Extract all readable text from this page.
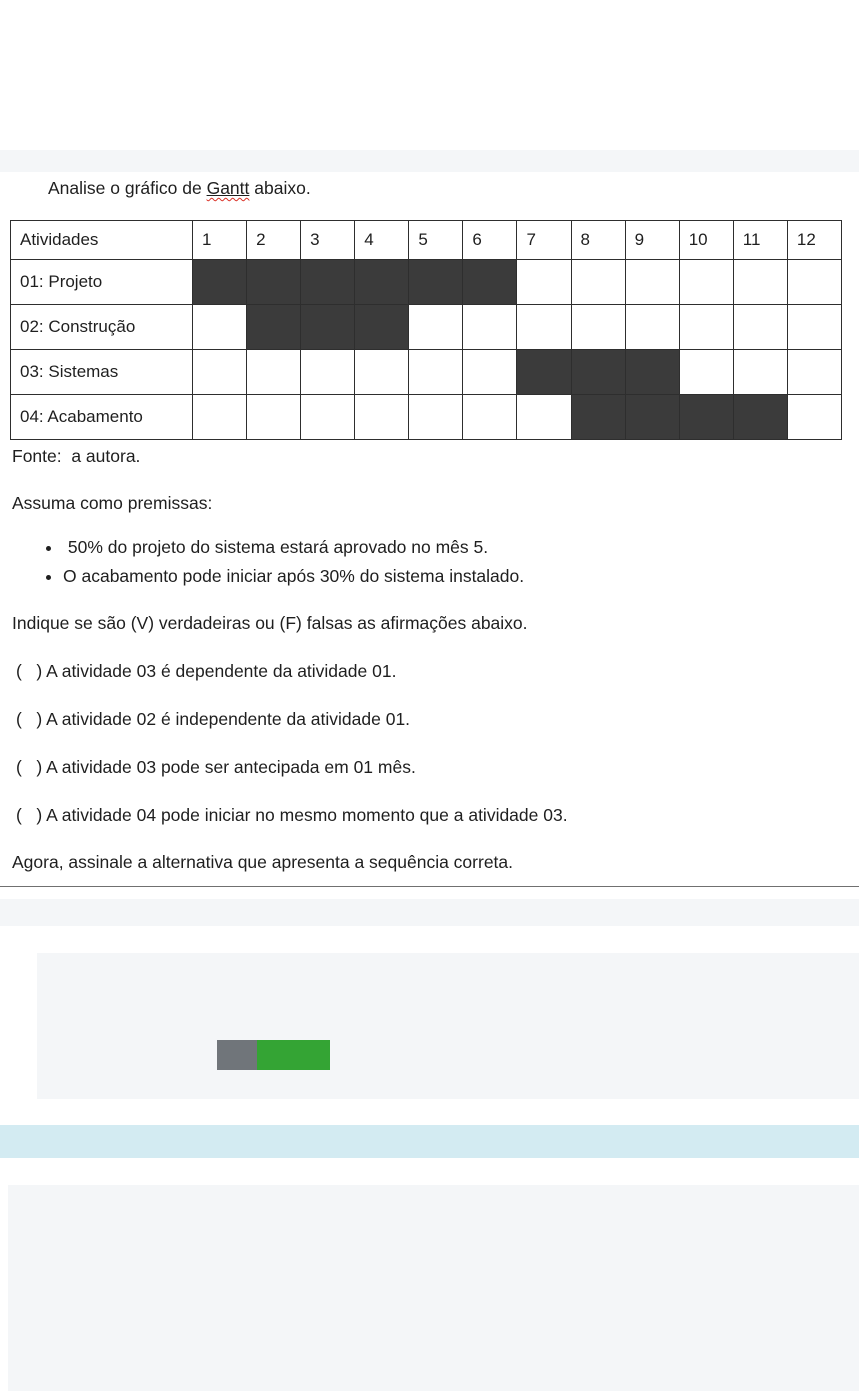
Analise o gráfico de Gantt abaixo.

Atividades	1	2	3	4	5	6	7	8	9	10	11	12
01: Projeto												
02: Construção												
03: Sistemas												
04: Acabamento												

Fonte:  a autora.

Assuma como premissas:

•  50% do projeto do sistema estará aprovado no mês 5.
• O acabamento pode iniciar após 30% do sistema instalado.

Indique se são (V) verdadeiras ou (F) falsas as afirmações abaixo.

(   ) A atividade 03 é dependente da atividade 01.

(   ) A atividade 02 é independente da atividade 01.

(   ) A atividade 03 pode ser antecipada em 01 mês.

(   ) A atividade 04 pode iniciar no mesmo momento que a atividade 03.

Agora, assinale a alternativa que apresenta a sequência correta.
